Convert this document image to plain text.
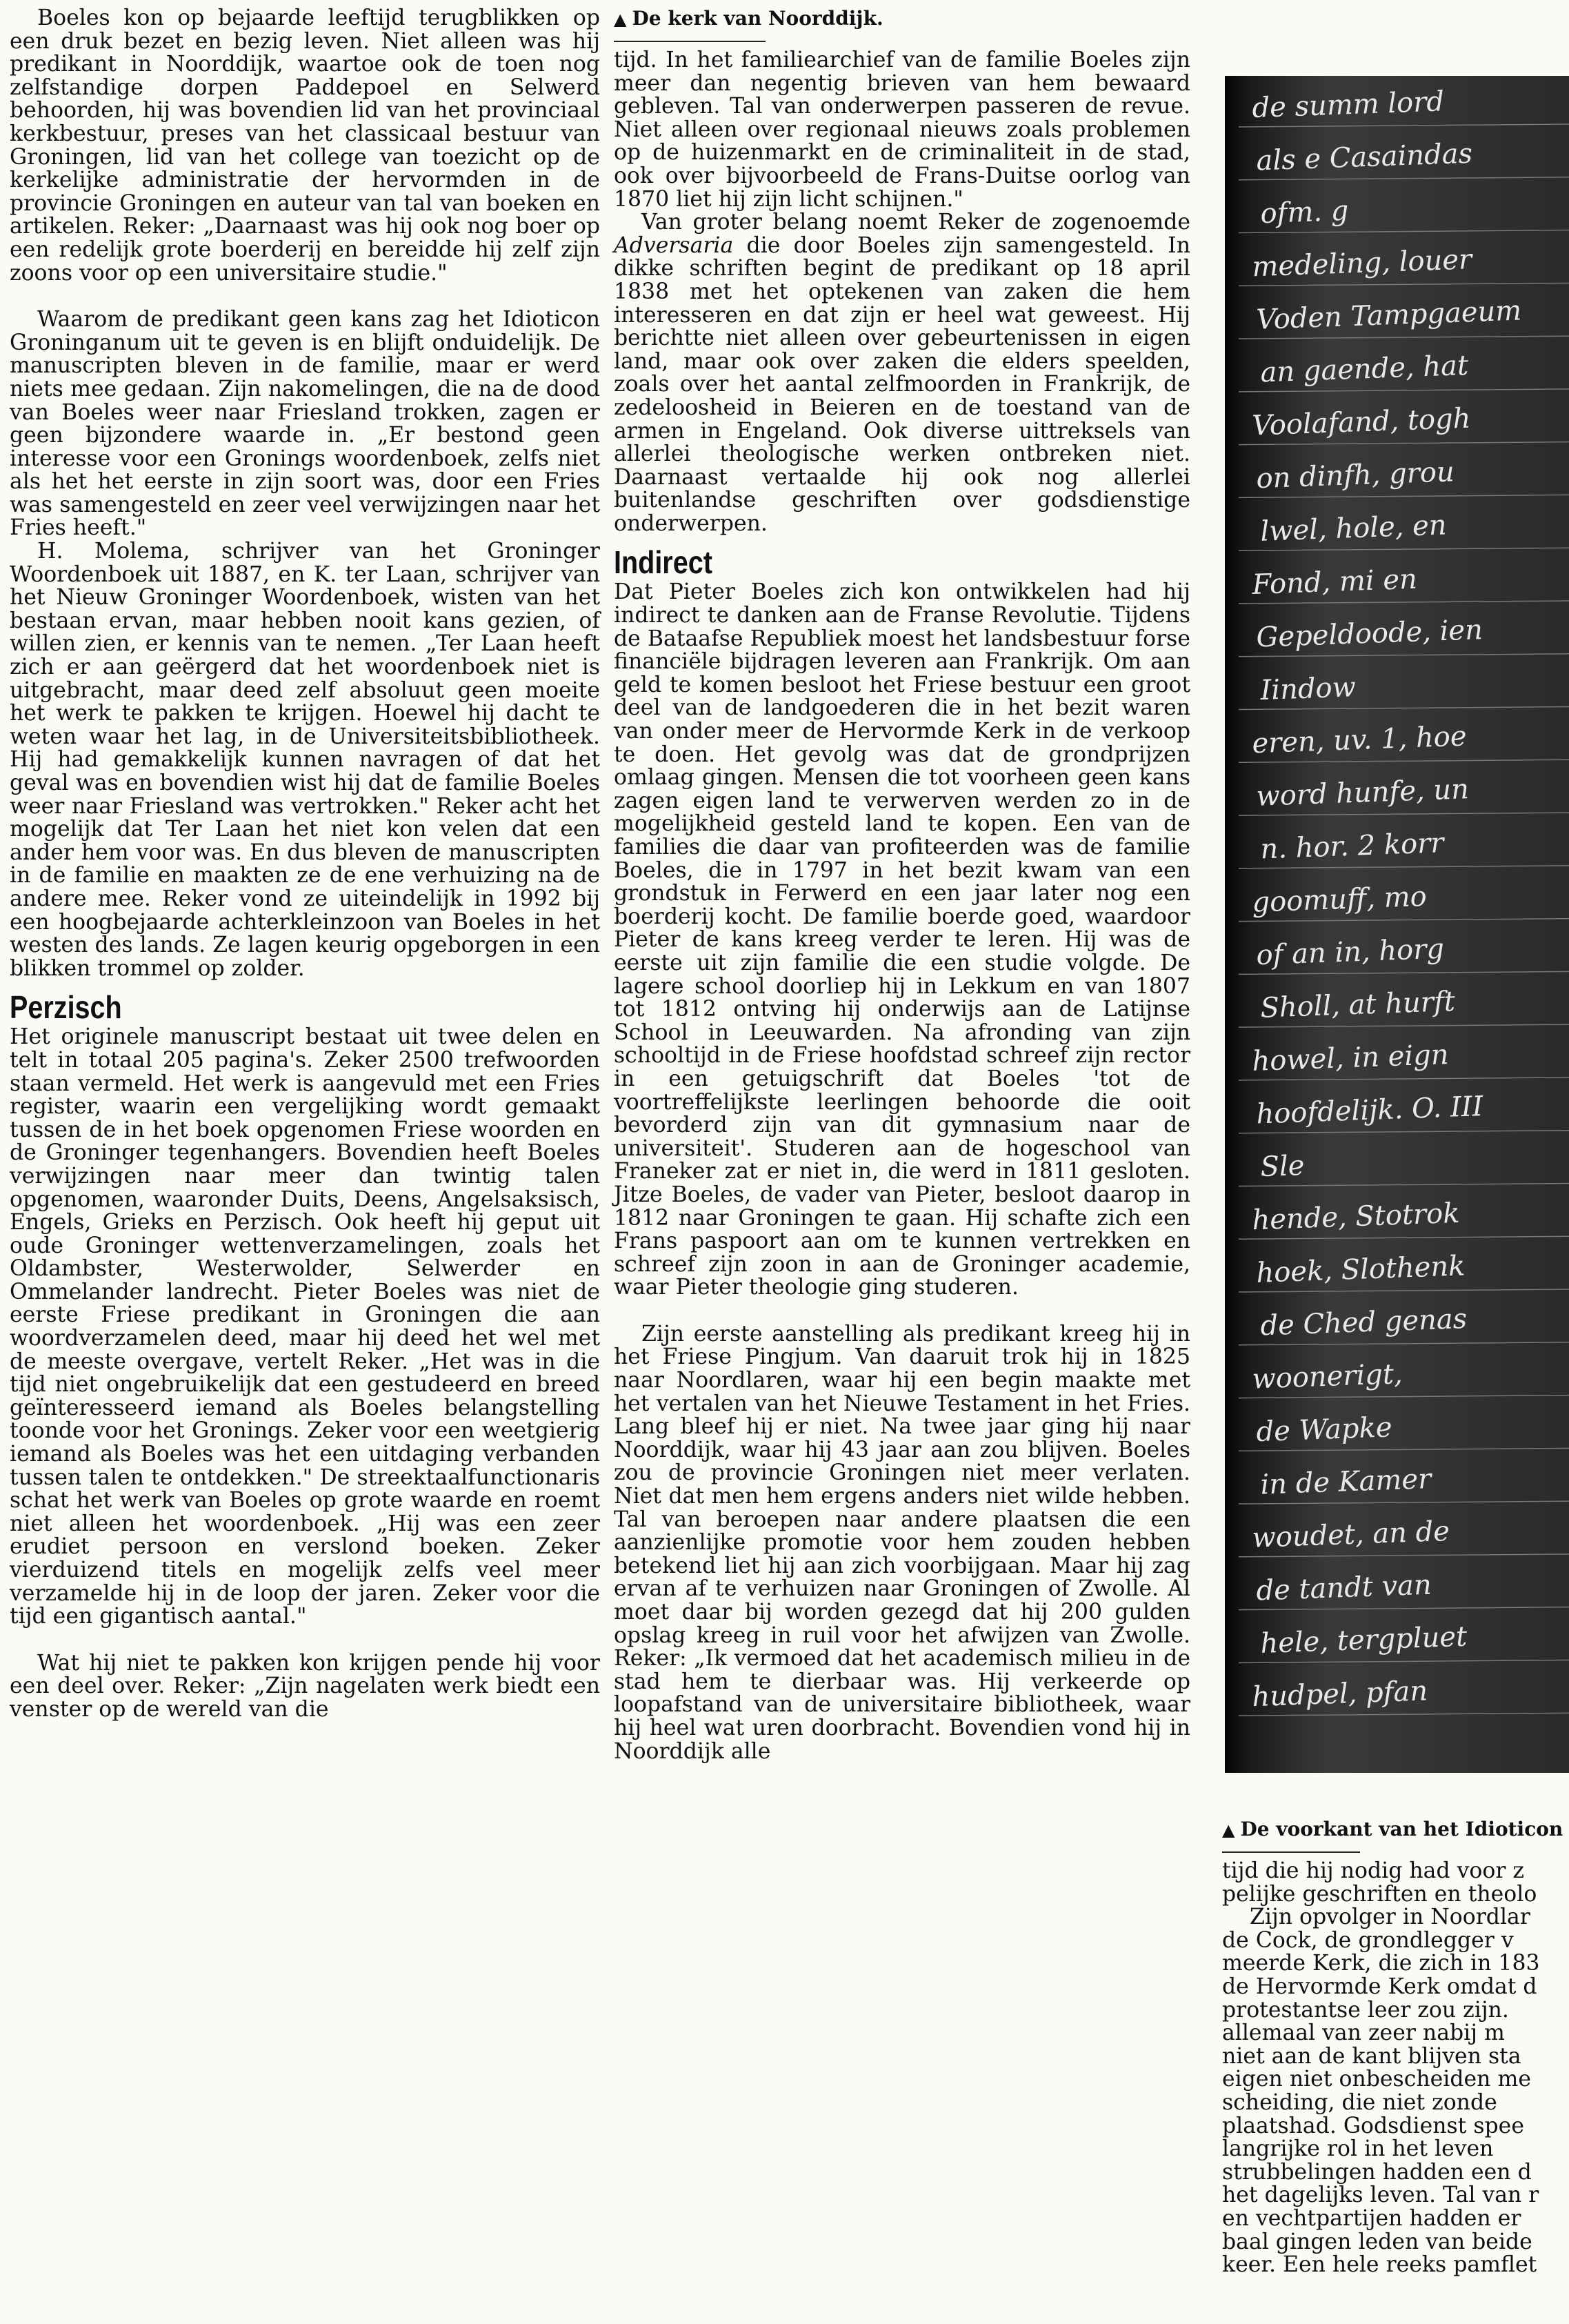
Boeles kon op bejaarde leeftijd terugblikken op een druk bezet en bezig leven. Niet alleen was hij predikant in Noorddijk, waartoe ook de toen nog zelfstandige dorpen Paddepoel en Selwerd behoorden, hij was bovendien lid van het provinciaal kerkbestuur, preses van het classicaal bestuur van Groningen, lid van het college van toezicht op de kerkelijke administratie der hervormden in de provincie Groningen en auteur van tal van boeken en artikelen. Reker: „Daarnaast was hij ook nog boer op een redelijk grote boerderij en bereidde hij zelf zijn zoons voor op een universitaire studie."

Waarom de predikant geen kans zag het Idioticon Groninganum uit te geven is en blijft onduidelijk. De manuscripten bleven in de familie, maar er werd niets mee gedaan. Zijn nakomelingen, die na de dood van Boeles weer naar Friesland trokken, zagen er geen bijzondere waarde in. „Er bestond geen interesse voor een Gronings woordenboek, zelfs niet als het het eerste in zijn soort was, door een Fries was samengesteld en zeer veel verwijzingen naar het Fries heeft."

H. Molema, schrijver van het Groninger Woordenboek uit 1887, en K. ter Laan, schrijver van het Nieuw Groninger Woordenboek, wisten van het bestaan ervan, maar hebben nooit kans gezien, of willen zien, er kennis van te nemen. „Ter Laan heeft zich er aan geërgerd dat het woordenboek niet is uitgebracht, maar deed zelf absoluut geen moeite het werk te pakken te krijgen. Hoewel hij dacht te weten waar het lag, in de Universiteitsbibliotheek. Hij had gemakkelijk kunnen navragen of dat het geval was en bovendien wist hij dat de familie Boeles weer naar Friesland was vertrokken." Reker acht het mogelijk dat Ter Laan het niet kon velen dat een ander hem voor was. En dus bleven de manuscripten in de familie en maakten ze de ene verhuizing na de andere mee. Reker vond ze uiteindelijk in 1992 bij een hoogbejaarde achterkleinzoon van Boeles in het westen des lands. Ze lagen keurig opgeborgen in een blikken trommel op zolder.

Perzisch

Het originele manuscript bestaat uit twee delen en telt in totaal 205 pagina's. Zeker 2500 trefwoorden staan vermeld. Het werk is aangevuld met een Fries register, waarin een vergelijking wordt gemaakt tussen de in het boek opgenomen Friese woorden en de Groninger tegenhangers. Bovendien heeft Boeles verwijzingen naar meer dan twintig talen opgenomen, waaronder Duits, Deens, Angelsaksisch, Engels, Grieks en Perzisch. Ook heeft hij geput uit oude Groninger wettenverzamelingen, zoals het Oldambster, Westerwolder, Selwerder en Ommelander landrecht. Pieter Boeles was niet de eerste Friese predikant in Groningen die aan woordverzamelen deed, maar hij deed het wel met de meeste overgave, vertelt Reker. „Het was in die tijd niet ongebruikelijk dat een gestudeerd en breed geïnteresseerd iemand als Boeles belangstelling toonde voor het Gronings. Zeker voor een weetgierig iemand als Boeles was het een uitdaging verbanden tussen talen te ontdekken." De streektaalfunctionaris schat het werk van Boeles op grote waarde en roemt niet alleen het woordenboek. „Hij was een zeer erudiet persoon en verslond boeken. Zeker vierduizend titels en mogelijk zelfs veel meer verzamelde hij in de loop der jaren. Zeker voor die tijd een gigantisch aantal."

Wat hij niet te pakken kon krijgen pende hij voor een deel over. Reker: „Zijn nagelaten werk biedt een venster op de wereld van die

▲ De kerk van Noorddijk.

tijd. In het familiearchief van de familie Boeles zijn meer dan negentig brieven van hem bewaard gebleven. Tal van onderwerpen passeren de revue. Niet alleen over regionaal nieuws zoals problemen op de huizenmarkt en de criminaliteit in de stad, ook over bijvoorbeeld de Frans-Duitse oorlog van 1870 liet hij zijn licht schijnen."

Van groter belang noemt Reker de zogenoemde Adversaria die door Boeles zijn samengesteld. In dikke schriften begint de predikant op 18 april 1838 met het optekenen van zaken die hem interesseren en dat zijn er heel wat geweest. Hij berichtte niet alleen over gebeurtenissen in eigen land, maar ook over zaken die elders speelden, zoals over het aantal zelfmoorden in Frankrijk, de zedeloosheid in Beieren en de toestand van de armen in Engeland. Ook diverse uittreksels van allerlei theologische werken ontbreken niet. Daarnaast vertaalde hij ook nog allerlei buitenlandse geschriften over godsdienstige onderwerpen.

Indirect

Dat Pieter Boeles zich kon ontwikkelen had hij indirect te danken aan de Franse Revolutie. Tijdens de Bataafse Republiek moest het landsbestuur forse financiële bijdragen leveren aan Frankrijk. Om aan geld te komen besloot het Friese bestuur een groot deel van de landgoederen die in het bezit waren van onder meer de Hervormde Kerk in de verkoop te doen. Het gevolg was dat de grondprijzen omlaag gingen. Mensen die tot voorheen geen kans zagen eigen land te verwerven werden zo in de mogelijkheid gesteld land te kopen. Een van de families die daar van profiteerden was de familie Boeles, die in 1797 in het bezit kwam van een grondstuk in Ferwerd en een jaar later nog een boerderij kocht. De familie boerde goed, waardoor Pieter de kans kreeg verder te leren. Hij was de eerste uit zijn familie die een studie volgde. De lagere school doorliep hij in Lekkum en van 1807 tot 1812 ontving hij onderwijs aan de Latijnse School in Leeuwarden. Na afronding van zijn schooltijd in de Friese hoofdstad schreef zijn rector in een getuigschrift dat Boeles 'tot de voortreffelijkste leerlingen behoorde die ooit bevorderd zijn van dit gymnasium naar de universiteit'. Studeren aan de hogeschool van Franeker zat er niet in, die werd in 1811 gesloten. Jitze Boeles, de vader van Pieter, besloot daarop in 1812 naar Groningen te gaan. Hij schafte zich een Frans paspoort aan om te kunnen vertrekken en schreef zijn zoon in aan de Groninger academie, waar Pieter theologie ging studeren.

Zijn eerste aanstelling als predikant kreeg hij in het Friese Pingjum. Van daaruit trok hij in 1825 naar Noordlaren, waar hij een begin maakte met het vertalen van het Nieuwe Testament in het Fries. Lang bleef hij er niet. Na twee jaar ging hij naar Noorddijk, waar hij 43 jaar aan zou blijven. Boeles zou de provincie Groningen niet meer verlaten. Niet dat men hem ergens anders niet wilde hebben. Tal van beroepen naar andere plaatsen die een aanzienlijke promotie voor hem zouden hebben betekend liet hij aan zich voorbijgaan. Maar hij zag ervan af te verhuizen naar Groningen of Zwolle. Al moet daar bij worden gezegd dat hij 200 gulden opslag kreeg in ruil voor het afwijzen van Zwolle. Reker: „Ik vermoed dat het academisch milieu in de stad hem te dierbaar was. Hij verkeerde op loopafstand van de universitaire bibliotheek, waar hij heel wat uren doorbracht. Bovendien vond hij in Noorddijk alle

de summ lord
als e Casaindas
ofm. g
medeling, louer
Voden Tampgaeum
an gaende, hat
Voolafand, togh
on dinfh, grou
lwel, hole, en
Fond, mi en
Gepeldoode, ien
Iindow
eren, uv. 1, hoe
word hunfe, un
n. hor. 2 korr
goomuff, mo
of an in, horg
Sholl, at hurft
howel, in eign
hoofdelijk. O. III
Sle
hende, Stotrok
hoek, Slothenk
de Ched genas
woonerigt,
de Wapke
in de Kamer
woudet, an de
de tandt van
hele, tergpluet
hudpel, pfan
▲ De voorkant van het Idioticon
tijd die hij nodig had voor z
pelijke geschriften en theolo
Zijn opvolger in Noordlar
de Cock, de grondlegger v
meerde Kerk, die zich in 183
de Hervormde Kerk omdat d
protestantse leer zou zijn.
allemaal van zeer nabij m
niet aan de kant blijven sta
eigen niet onbescheiden me
scheiding, die niet zonde
plaatshad. Godsdienst spee
langrijke rol in het leven
strubbelingen hadden een d
het dagelijks leven. Tal van r
en vechtpartijen hadden er
baal gingen leden van beide
keer. Een hele reeks pamflet
